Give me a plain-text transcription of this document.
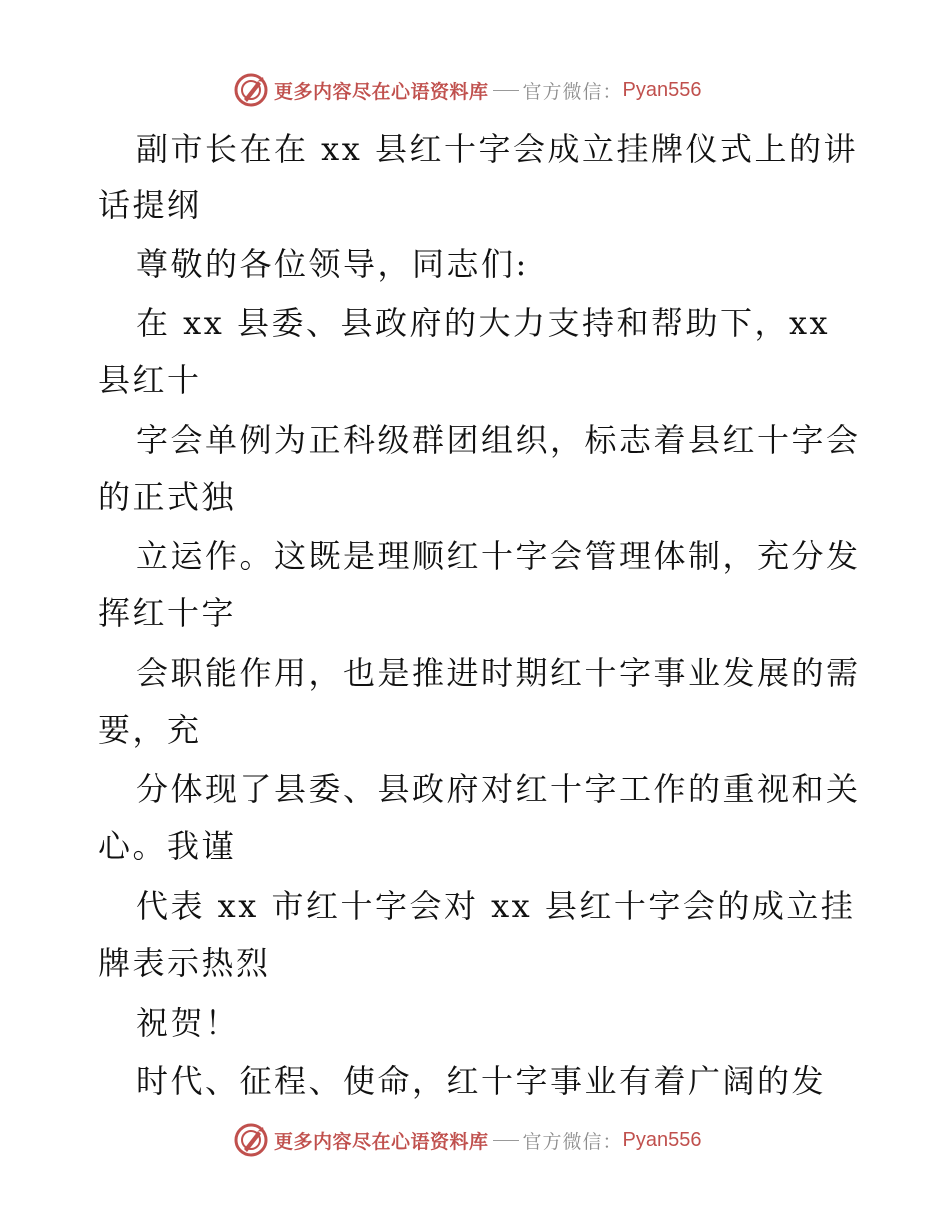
更多内容尽在心语资料库 官方微信： Pyan556
副市长在在 xx 县红十字会成立挂牌仪式上的讲
话提纲
尊敬的各位领导，同志们:
在 xx 县委、县政府的大力支持和帮助下，xx
县红十
字会单例为正科级群团组织，标志着县红十字会
的正式独
立运作。这既是理顺红十字会管理体制，充分发
挥红十字
会职能作用，也是推进时期红十字事业发展的需
要，充
分体现了县委、县政府对红十字工作的重视和关
心。我谨
代表 xx 市红十字会对 xx 县红十字会的成立挂
牌表示热烈
祝贺！
时代、征程、使命，红十字事业有着广阔的发
更多内容尽在心语资料库 官方微信： Pyan556
